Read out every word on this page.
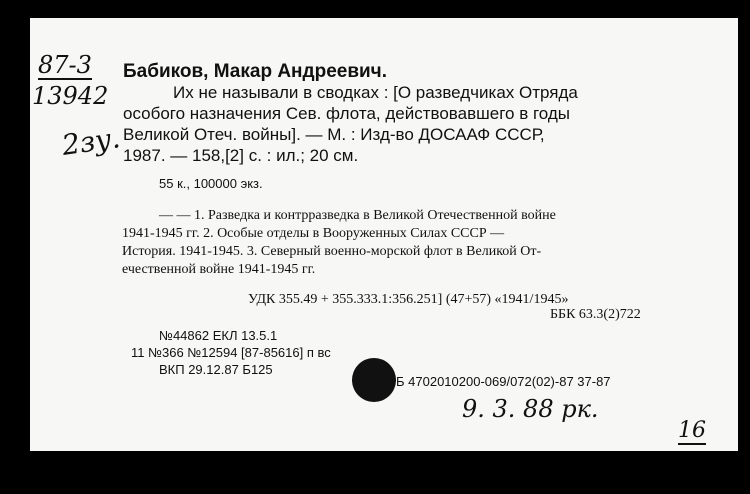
87-3
13942
2зу.
Бабиков, Макар Андреевич.
Их не называли в сводках : [О разведчиках Отряда
особого назначения Сев. флота, действовавшего в годы
Великой Отеч. войны]. — М. : Изд-во ДОСААФ СССР,
1987. — 158,[2] с. : ил.; 20 см.
55 к., 100000 экз.
— — 1. Разведка и контрразведка в Великой Отечественной войне
1941-1945 гг. 2. Особые отделы в Вооруженных Силах СССР —
История. 1941-1945. 3. Северный военно-морской флот в Великой От-
ечественной войне 1941-1945 гг.
УДК 355.49 + 355.333.1:356.251] (47+57) «1941/1945»
ББК 63.3(2)722
№44862 ЕКЛ 13.5.1
11 №366 №12594 [87-85616] п вс
ВКП 29.12.87 Б125
Б 4702010200-069/072(02)-87 37-87
9. 3. 88 рк.
16
